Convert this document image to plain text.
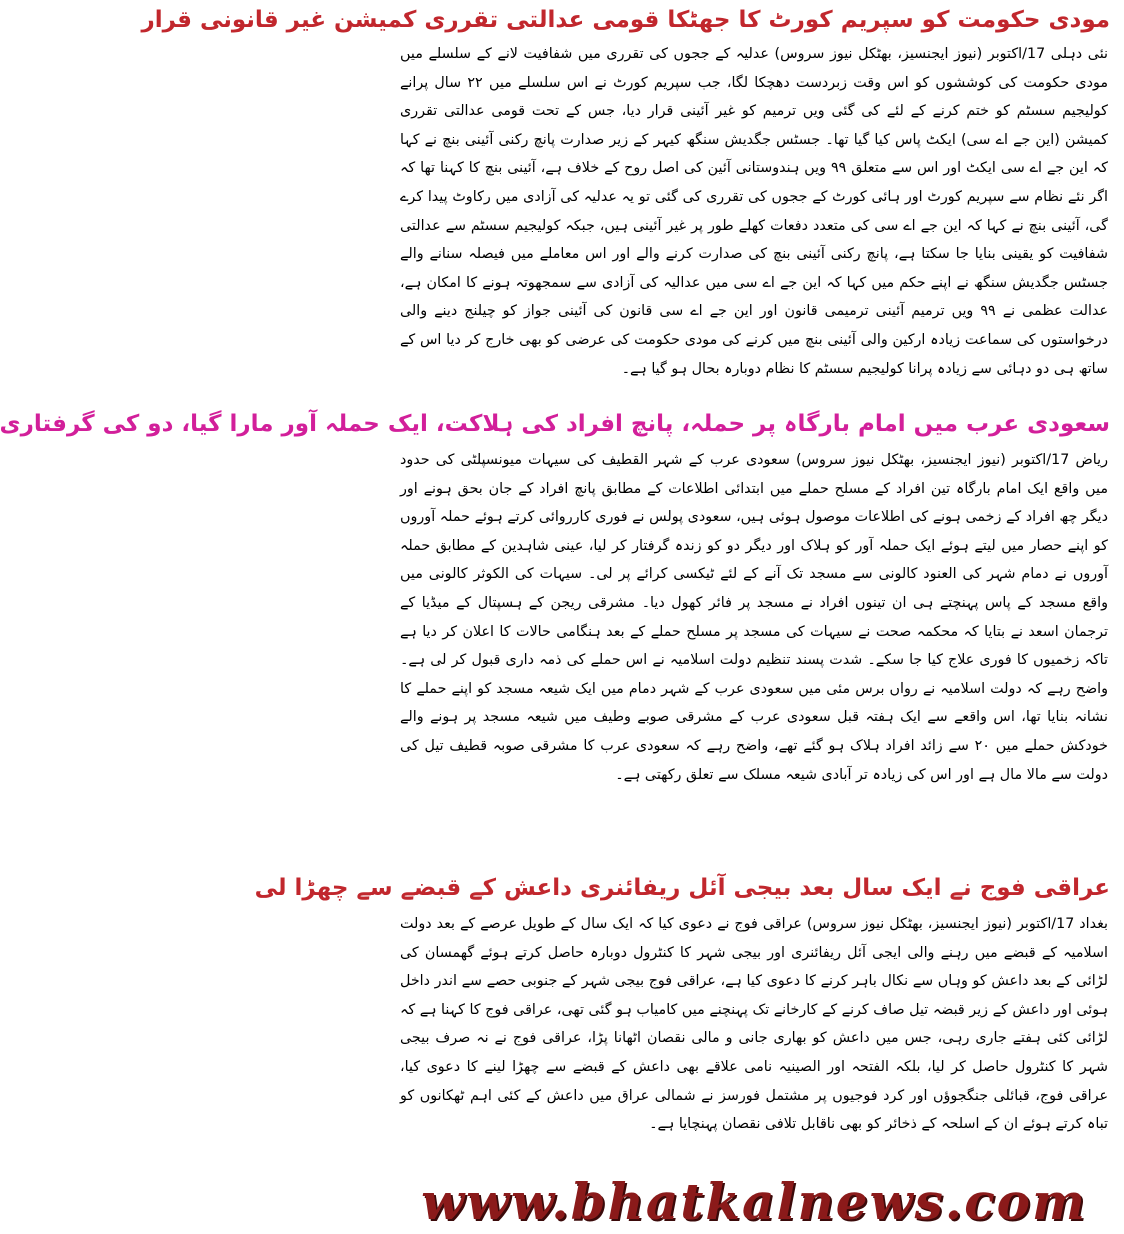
مودی حکومت کو سپریم کورٹ کا جھٹکا قومی عدالتی تقرری کمیشن غیر قانونی قرار

نئی دہلی 17/اکتوبر (نیوز ایجنسیز، بھٹکل نیوز سروس) عدلیہ کے ججوں کی تقرری میں شفافیت لانے کے سلسلے میں مودی حکومت کی کوششوں کو اس وقت زبردست دھچکا لگا، جب سپریم کورٹ نے اس سلسلے میں ۲۲ سال پرانے کولیجیم سسٹم کو ختم کرنے کے لئے کی گئی ویں ترمیم کو غیر آئینی قرار دیا، جس کے تحت قومی عدالتی تقرری کمیشن (این جے اے سی) ایکٹ پاس کیا گیا تھا۔ جسٹس جگدیش سنگھ کیہر کے زیر صدارت پانچ رکنی آئینی بنچ نے کہا کہ این جے اے سی ایکٹ اور اس سے متعلق ۹۹ ویں ہندوستانی آئین کی اصل روح کے خلاف ہے، آئینی بنچ کا کہنا تھا کہ اگر نئے نظام سے سپریم کورٹ اور ہائی کورٹ کے ججوں کی تقرری کی گئی تو یہ عدلیہ کی آزادی میں رکاوٹ پیدا کرے گی، آئینی بنچ نے کہا کہ این جے اے سی کی متعدد دفعات کھلے طور پر غیر آئینی ہیں، جبکہ کولیجیم سسٹم سے عدالتی شفافیت کو یقینی بنایا جا سکتا ہے، پانچ رکنی آئینی بنچ کی صدارت کرنے والے اور اس معاملے میں فیصلہ سنانے والے جسٹس جگدیش سنگھ نے اپنے حکم میں کہا کہ این جے اے سی میں عدالیہ کی آزادی سے سمجھوتہ ہونے کا امکان ہے، عدالت عظمی نے ۹۹ ویں ترمیم آئینی ترمیمی قانون اور این جے اے سی قانون کی آئینی جواز کو چیلنج دینے والی درخواستوں کی سماعت زیادہ ارکین والی آئینی بنچ میں کرنے کی مودی حکومت کی عرضی کو بھی خارج کر دیا اس کے ساتھ ہی دو دہائی سے زیادہ پرانا کولیجیم سسٹم کا نظام دوبارہ بحال ہو گیا ہے۔

سعودی عرب میں امام بارگاہ پر حملہ، پانچ افراد کی ہلاکت، ایک حملہ آور مارا گیا، دو کی گرفتاری

ریاض 17/اکتوبر (نیوز ایجنسیز، بھٹکل نیوز سروس) سعودی عرب کے شہر القطیف کی سیہات میونسپلٹی کی حدود میں واقع ایک امام بارگاہ تین افراد کے مسلح حملے میں ابتدائی اطلاعات کے مطابق پانچ افراد کے جان بحق ہونے اور دیگر چھ افراد کے زخمی ہونے کی اطلاعات موصول ہوئی ہیں، سعودی پولس نے فوری کارروائی کرتے ہوئے حملہ آوروں کو اپنے حصار میں لیتے ہوئے ایک حملہ آور کو ہلاک اور دیگر دو کو زندہ گرفتار کر لیا، عینی شاہدین کے مطابق حملہ آوروں نے دمام شہر کی العنود کالونی سے مسجد تک آنے کے لئے ٹیکسی کرائے پر لی۔ سیہات کی الکوثر کالونی میں واقع مسجد کے پاس پہنچتے ہی ان تینوں افراد نے مسجد پر فائر کھول دیا۔ مشرقی ریجن کے ہسپتال کے میڈیا کے ترجمان اسعد نے بتایا کہ محکمہ صحت نے سیہات کی مسجد پر مسلح حملے کے بعد ہنگامی حالات کا اعلان کر دیا ہے تاکہ زخمیوں کا فوری علاج کیا جا سکے۔ شدت پسند تنظیم دولت اسلامیہ نے اس حملے کی ذمہ داری قبول کر لی ہے۔ واضح رہے کہ دولت اسلامیہ نے رواں برس مئی میں سعودی عرب کے شہر دمام میں ایک شیعہ مسجد کو اپنے حملے کا نشانہ بنایا تھا، اس واقعے سے ایک ہفتہ قبل سعودی عرب کے مشرقی صوبے وطیف میں شیعہ مسجد پر ہونے والے خودکش حملے میں ۲۰ سے زائد افراد ہلاک ہو گئے تھے، واضح رہے کہ سعودی عرب کا مشرقی صوبہ قطیف تیل کی دولت سے مالا مال ہے اور اس کی زیادہ تر آبادی شیعہ مسلک سے تعلق رکھتی ہے۔

عراقی فوج نے ایک سال بعد بیجی آئل ریفائنری داعش کے قبضے سے چھڑا لی

بغداد 17/اکتوبر (نیوز ایجنسیز، بھٹکل نیوز سروس) عراقی فوج نے دعوی کیا کہ ایک سال کے طویل عرصے کے بعد دولت اسلامیہ کے قبضے میں رہنے والی ایجی آئل ریفائنری اور بیجی شہر کا کنٹرول دوبارہ حاصل کرتے ہوئے گھمسان کی لڑائی کے بعد داعش کو وہاں سے نکال باہر کرنے کا دعوی کیا ہے، عراقی فوج بیجی شہر کے جنوبی حصے سے اندر داخل ہوئی اور داعش کے زیر قبضہ تیل صاف کرنے کے کارخانے تک پہنچنے میں کامیاب ہو گئی تھی، عراقی فوج کا کہنا ہے کہ لڑائی کئی ہفتے جاری رہی، جس میں داعش کو بھاری جانی و مالی نقصان اٹھانا پڑا، عراقی فوج نے نہ صرف بیجی شہر کا کنٹرول حاصل کر لیا، بلکہ الفتحہ اور الصینیہ نامی علاقے بھی داعش کے قبضے سے چھڑا لینے کا دعوی کیا، عراقی فوج، قبائلی جنگجوؤں اور کرد فوجیوں پر مشتمل فورسز نے شمالی عراق میں داعش کے کئی اہم ٹھکانوں کو تباہ کرتے ہوئے ان کے اسلحہ کے ذخائر کو بھی ناقابل تلافی نقصان پہنچایا ہے۔

www.bhatkalnews.com
